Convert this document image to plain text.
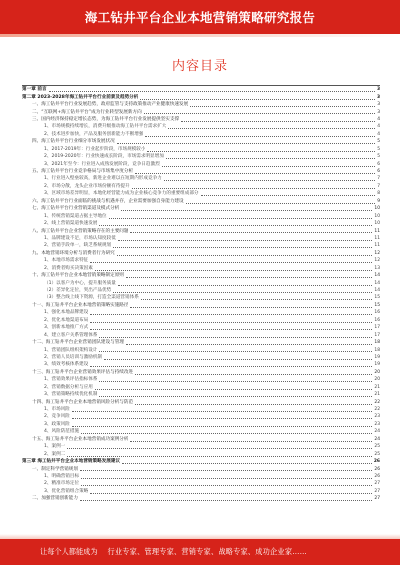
海工钻井平台企业本地营销策略研究报告
内容目录
第一章 前言	3
第二章 2023-2028年海工钻井平台行业前景及趋势分析	3
一、海工钻井平台行业发展趋势，政府监管与支持政策推动产业健康快速发展	3
二、“互联网+海工钻井平台”成为行业转型发展新方向	3
三、国内经济保持稳定增长态势，为海工钻井平台行业发展提供坚实支撑	4
1、市场规模持续增长，消费升级推动海工钻井平台需求扩大	4
2、技术进步加快，产品及服务创新能力不断增强	4
四、海工钻井平台行业细分市场发展状况	5
1、2017-2019年：行业起步阶段，市场规模较小	5
2、2019-2020年：行业快速成长阶段，市场需求明显增加	5
3、2021年至今：行业进入成熟发展阶段，竞争日趋激烈	6
五、海工钻井平台行业竞争格局与市场集中度分析	6
1、行业进入壁垒较高，新进企业难以在短期内形成竞争力	7
2、市场分散，龙头企业市场份额有待提升	7
3、区域市场差异明显，本地化经营能力成为企业核心竞争力的重要组成部分	8
六、海工钻井平台行业面临的挑战与机遇并存，企业需要加强自身能力建设	9
七、海工钻井平台行业营销渠道及模式分析	10
1、传统营销渠道占据主导地位	10
2、线上营销渠道快速发展	10
八、海工钻井平台企业营销策略存在的主要问题	11
1、品牌建设不足，市场认知度较低	11
2、营销手段单一，缺乏系统规划	11
九、本地营销环境分析与消费者行为研究	12
1、本地市场需求特征	12
2、消费者购买决策因素	13
十、海工钻井平台企业本地营销策略制定原则	14
（1）以客户为中心，提升服务质量	14
（2）差异化定位，突出产品优势	14
（3）整合线上线下资源，打造全渠道营销体系	15
十一、海工钻井平台企业本地营销策略实施路径	15
1、强化本地品牌建设	16
2、优化本地渠道布局	16
3、创新本地推广方式	17
4、建立客户关系管理体系	17
十二、海工钻井平台企业营销团队建设与管理	18
1、营销团队组织架构设计	18
2、营销人员培训与激励机制	19
3、绩效考核体系建设	19
十三、海工钻井平台企业营销效果评估与持续改进	20
1、营销效果评估指标体系	20
2、营销数据分析与应用	21
3、营销策略持续优化机制	21
十四、海工钻井平台企业本地营销风险分析与防范	22
1、市场风险	22
2、竞争风险	23
3、政策风险	23
4、风险防范措施	24
十五、海工钻井平台企业本地营销成功案例分析	24
1、案例一	25
2、案例二	25
第三章 海工钻井平台企业本地营销策略发展建议	26
一、制定科学营销规划	26
1、明确营销目标	26
2、精准市场定位	27
3、优化营销组合策略	27
二、加强营销创新能力	27
让每个人都能成为 行业专家、管理专家、营销专家、战略专家、成功企业家……
